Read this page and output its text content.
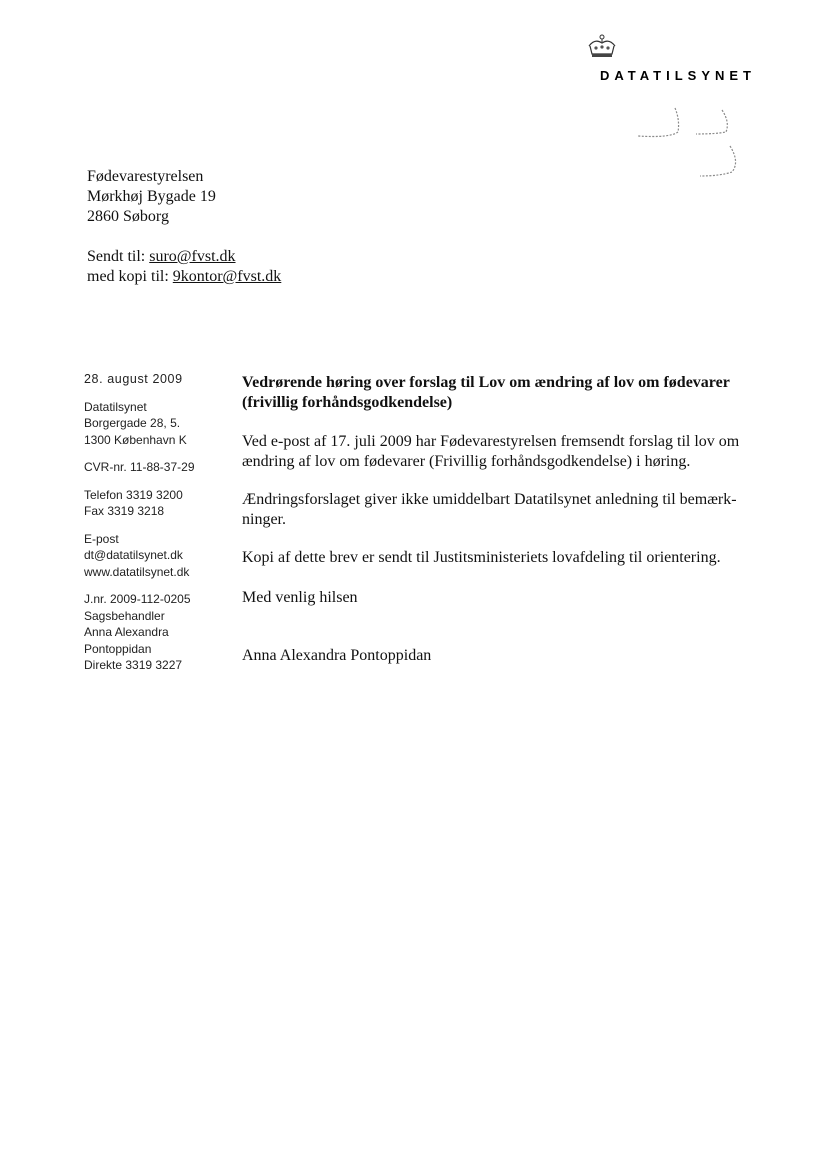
datatilsynet
Fødevarestyrelsen
Mørkhøj Bygade 19
2860 Søborg
Sendt til: suro@fvst.dk
med kopi til: 9kontor@fvst.dk
28. august 2009
Datatilsynet
Borgergade 28, 5.
1300 København K
CVR-nr. 11-88-37-29
Telefon 3319 3200
Fax 3319 3218
E-post
dt@datatilsynet.dk
www.datatilsynet.dk
J.nr. 2009-112-0205
Sagsbehandler
Anna Alexandra
Pontoppidan
Direkte 3319 3227
Vedrørende høring over forslag til Lov om ændring af lov om fødevarer
(frivillig forhåndsgodkendelse)
Ved e-post af 17. juli 2009 har Fødevarestyrelsen fremsendt forslag til lov om
ændring af lov om fødevarer (Frivillig forhåndsgodkendelse) i høring.
Ændringsforslaget giver ikke umiddelbart Datatilsynet anledning til bemærk-
ninger.
Kopi af dette brev er sendt til Justitsministeriets lovafdeling til orientering.
Med venlig hilsen
Anna Alexandra Pontoppidan
